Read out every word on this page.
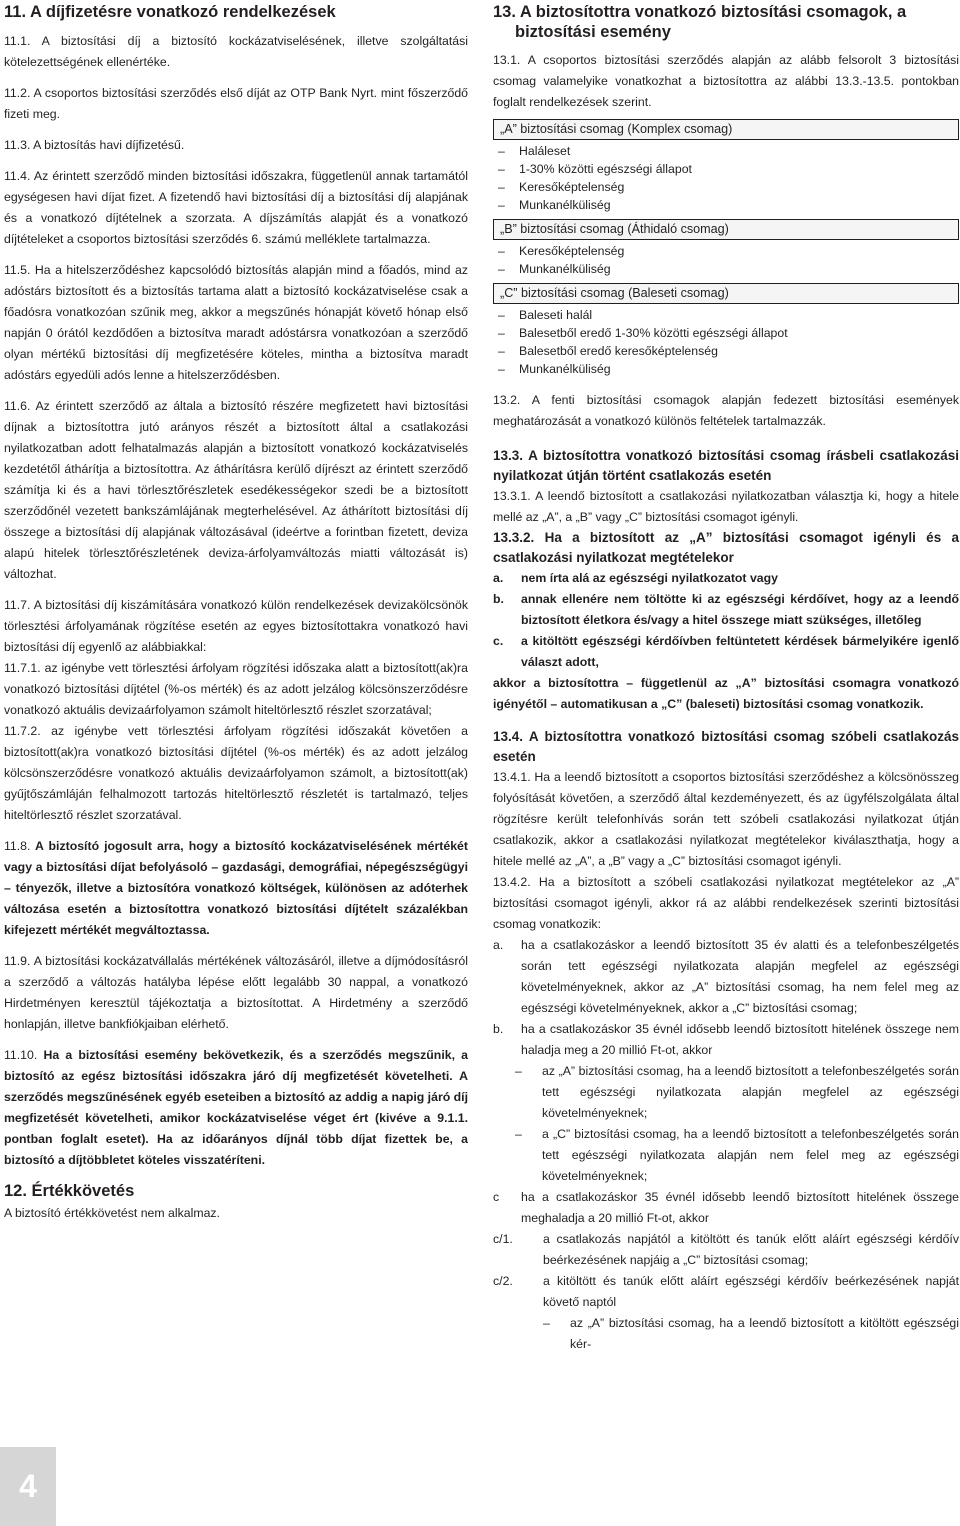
11. A díjfizetésre vonatkozó rendelkezések
11.1. A biztosítási díj a biztosító kockázatviselésének, illetve szolgáltatási kötelezettségének ellenértéke.
11.2. A csoportos biztosítási szerződés első díját az OTP Bank Nyrt. mint főszerződő fizeti meg.
11.3. A biztosítás havi díjfizetésű.
11.4. Az érintett szerződő minden biztosítási időszakra, függetlenül annak tartamától egységesen havi díjat fizet. A fizetendő havi biztosítási díj a biztosítási díj alapjának és a vonatkozó díjtételnek a szorzata. A díjszámítás alapját és a vonatkozó díjtételeket a csoportos biztosítási szerződés 6. számú melléklete tartalmazza.
11.5. Ha a hitelszerződéshez kapcsolódó biztosítás alapján mind a főadós, mind az adóstárs biztosított és a biztosítás tartama alatt a biztosító kockázatviselése csak a főadósra vonatkozóan szűnik meg, akkor a megszűnés hónapját követő hónap első napján 0 órától kezdődően a biztosítva maradt adóstársra vonatkozóan a szerződő olyan mértékű biztosítási díj megfizetésére köteles, mintha a biztosítva maradt adóstárs egyedüli adós lenne a hitelszerződésben.
11.6. Az érintett szerződő az általa a biztosító részére megfizetett havi biztosítási díjnak a biztosítottra jutó arányos részét a biztosított által a csatlakozási nyilatkozatban adott felhatalmazás alapján a biztosított vonatkozó kockázatviselés kezdetétől áthárítja a biztosítottra. Az áthárításra kerülő díjrészt az érintett szerződő számítja ki és a havi törlesztőrészletek esedékességekor szedi be a biztosított szerződőnél vezetett bankszámlájának megterhelésével. Az áthárított biztosítási díj összege a biztosítási díj alapjának változásával (ideértve a forintban fizetett, deviza alapú hitelek törlesztőrészletének deviza-árfolyamváltozás miatti változását is) változhat.
11.7. A biztosítási díj kiszámítására vonatkozó külön rendelkezések devizakölcsönök törlesztési árfolyamának rögzítése esetén az egyes biztosítottakra vonatkozó havi biztosítási díj egyenlő az alábbiakkal:
11.7.1. az igénybe vett törlesztési árfolyam rögzítési időszaka alatt a biztosított(ak)ra vonatkozó biztosítási díjtétel (%-os mérték) és az adott jelzálog kölcsönszerződésre vonatkozó aktuális devizaárfolyamon számolt hiteltörlesztő részlet szorzatával;
11.7.2. az igénybe vett törlesztési árfolyam rögzítési időszakát követően a biztosított(ak)ra vonatkozó biztosítási díjtétel (%-os mérték) és az adott jelzálog kölcsönszerződésre vonatkozó aktuális devizaárfolyamon számolt, a biztosított(ak) gyűjtőszámláján felhalmozott tartozás hiteltörlesztő részletét is tartalmazó, teljes hiteltörlesztő részlet szorzatával.
11.8. A biztosító jogosult arra, hogy a biztosító kockázatviselésének mértékét vagy a biztosítási díjat befolyásoló – gazdasági, demográfiai, népegészségügyi – tényezők, illetve a biztosítóra vonatkozó költségek, különösen az adóterhek változása esetén a biztosítottra vonatkozó biztosítási díjtételt százalékban kifejezett mértékét megváltoztassa.
11.9. A biztosítási kockázatvállalás mértékének változásáról, illetve a díjmódosításról a szerződő a változás hatályba lépése előtt legalább 30 nappal, a vonatkozó Hirdetményen keresztül tájékoztatja a biztosítottat. A Hirdetmény a szerződő honlapján, illetve bankfiókjaiban elérhető.
11.10. Ha a biztosítási esemény bekövetkezik, és a szerződés megszűnik, a biztosító az egész biztosítási időszakra járó díj megfizetését követelheti. A szerződés megszűnésének egyéb eseteiben a biztosító az addig a napig járó díj megfizetését követelheti, amikor kockázatviselése véget ért (kivéve a 9.1.1. pontban foglalt esetet). Ha az időarányos díjnál több díjat fizettek be, a biztosító a díjtöbbletet köteles visszatéríteni.
12. Értékkövetés
A biztosító értékkövetést nem alkalmaz.
13. A biztosítottra vonatkozó biztosítási csomagok, a biztosítási esemény
13.1. A csoportos biztosítási szerződés alapján az alább felsorolt 3 biztosítási csomag valamelyike vonatkozhat a biztosítottra az alábbi 13.3.-13.5. pontokban foglalt rendelkezések szerint.
„A” biztosítási csomag (Komplex csomag)
– Haláleset
– 1-30% közötti egészségi állapot
– Keresőképtelenség
– Munkanélküliség
„B” biztosítási csomag (Áthidaló csomag)
– Keresőképtelenség
– Munkanélküliség
„C” biztosítási csomag (Baleseti csomag)
– Baleseti halál
– Balesetből eredő 1-30% közötti egészségi állapot
– Balesetből eredő keresőképtelenség
– Munkanélküliség
13.2. A fenti biztosítási csomagok alapján fedezett biztosítási események meghatározását a vonatkozó különös feltételek tartalmazzák.
13.3. A biztosítottra vonatkozó biztosítási csomag írásbeli csatlakozási nyilatkozat útján történt csatlakozás esetén
13.3.1. A leendő biztosított a csatlakozási nyilatkozatban választja ki, hogy a hitele mellé az „A”, a „B” vagy „C” biztosítási csomagot igényli.
13.3.2. Ha a biztosított az „A” biztosítási csomagot igényli és a csatlakozási nyilatkozat megtételekor
a.	nem írta alá az egészségi nyilatkozatot vagy
b.	annak ellenére nem töltötte ki az egészségi kérdőívet, hogy az a leendő biztosított életkora és/vagy a hitel összege miatt szükséges, illetőleg
c.	a kitöltött egészségi kérdőívben feltüntetett kérdések bármelyikére igenlő választ adott,
akkor a biztosítottra – függetlenül az „A” biztosítási csomagra vonatkozó igényétől – automatikusan a „C” (baleseti) biztosítási csomag vonatkozik.
13.4. A biztosítottra vonatkozó biztosítási csomag szóbeli csatlakozás esetén
13.4.1. Ha a leendő biztosított a csoportos biztosítási szerződéshez a kölcsönösszeg folyósítását követően, a szerződő által kezdeményezett, és az ügyfélszolgálata által rögzítésre került telefonhívás során tett szóbeli csatlakozási nyilatkozat útján csatlakozik, akkor a csatlakozási nyilatkozat megtételekor kiválaszthatja, hogy a hitele mellé az „A”, a „B” vagy a „C” biztosítási csomagot igényli.
13.4.2. Ha a biztosított a szóbeli csatlakozási nyilatkozat megtételekor az „A” biztosítási csomagot igényli, akkor rá az alábbi rendelkezések szerinti biztosítási csomag vonatkozik:
a.	ha a csatlakozáskor a leendő biztosított 35 év alatti és a telefonbeszélgetés során tett egészségi nyilatkozata alapján megfelel az egészségi követelményeknek, akkor az „A” biztosítási csomag, ha nem felel meg az egészségi követelményeknek, akkor a „C” biztosítási csomag;
b.	ha a csatlakozáskor 35 évnél idősebb leendő biztosított hitelének összege nem haladja meg a 20 millió Ft-ot, akkor
–	az „A” biztosítási csomag, ha a leendő biztosított a telefonbeszélgetés során tett egészségi nyilatkozata alapján megfelel az egészségi követelményeknek;
–	a „C” biztosítási csomag, ha a leendő biztosított a telefonbeszélgetés során tett egészségi nyilatkozata alapján nem felel meg az egészségi követelményeknek;
c	ha a csatlakozáskor 35 évnél idősebb leendő biztosított hitelének összege meghaladja a 20 millió Ft-ot, akkor
c/1.	a csatlakozás napjától a kitöltött és tanúk előtt aláírt egészségi kérdőív beérkezésének napjáig a „C” biztosítási csomag;
c/2.	a kitöltött és tanúk előtt aláírt egészségi kérdőív beérkezésének napját követő naptól
–	az „A” biztosítási csomag, ha a leendő biztosított a kitöltött egészségi kér-
4
